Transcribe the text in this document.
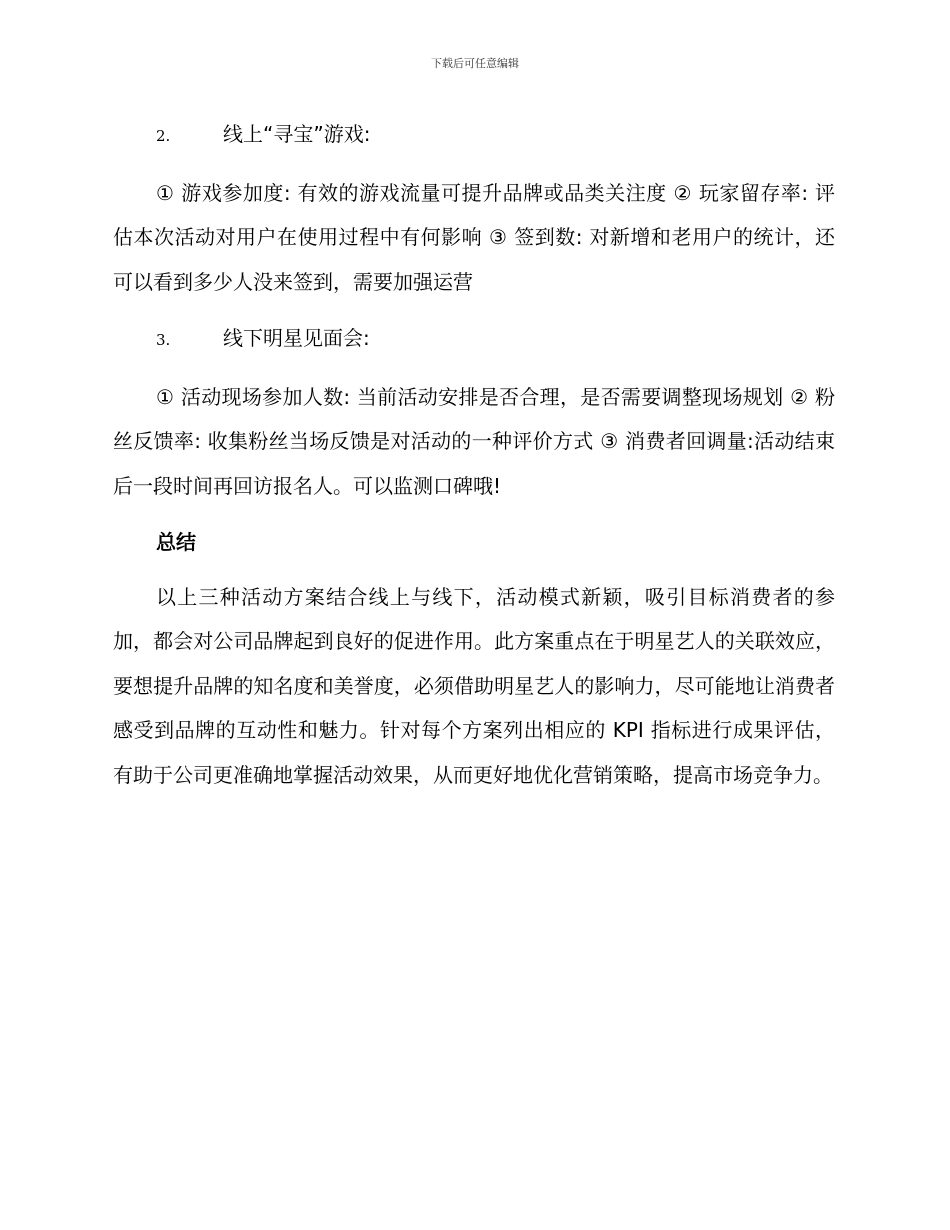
下载后可任意编辑
2.	线上“寻宝”游戏:

① 游戏参加度: 有效的游戏流量可提升品牌或品类关注度 ② 玩家留存率: 评估本次活动对用户在使用过程中有何影响 ③ 签到数: 对新增和老用户的统计，还可以看到多少人没来签到，需要加强运营

3.	线下明星见面会:

① 活动现场参加人数: 当前活动安排是否合理，是否需要调整现场规划 ② 粉丝反馈率: 收集粉丝当场反馈是对活动的一种评价方式 ③ 消费者回调量:活动结束后一段时间再回访报名人。可以监测口碑哦!

总结

以上三种活动方案结合线上与线下，活动模式新颖，吸引目标消费者的参加，都会对公司品牌起到良好的促进作用。此方案重点在于明星艺人的关联效应，要想提升品牌的知名度和美誉度，必须借助明星艺人的影响力，尽可能地让消费者感受到品牌的互动性和魅力。针对每个方案列出相应的 KPI 指标进行成果评估，有助于公司更准确地掌握活动效果，从而更好地优化营销策略，提高市场竞争力。
